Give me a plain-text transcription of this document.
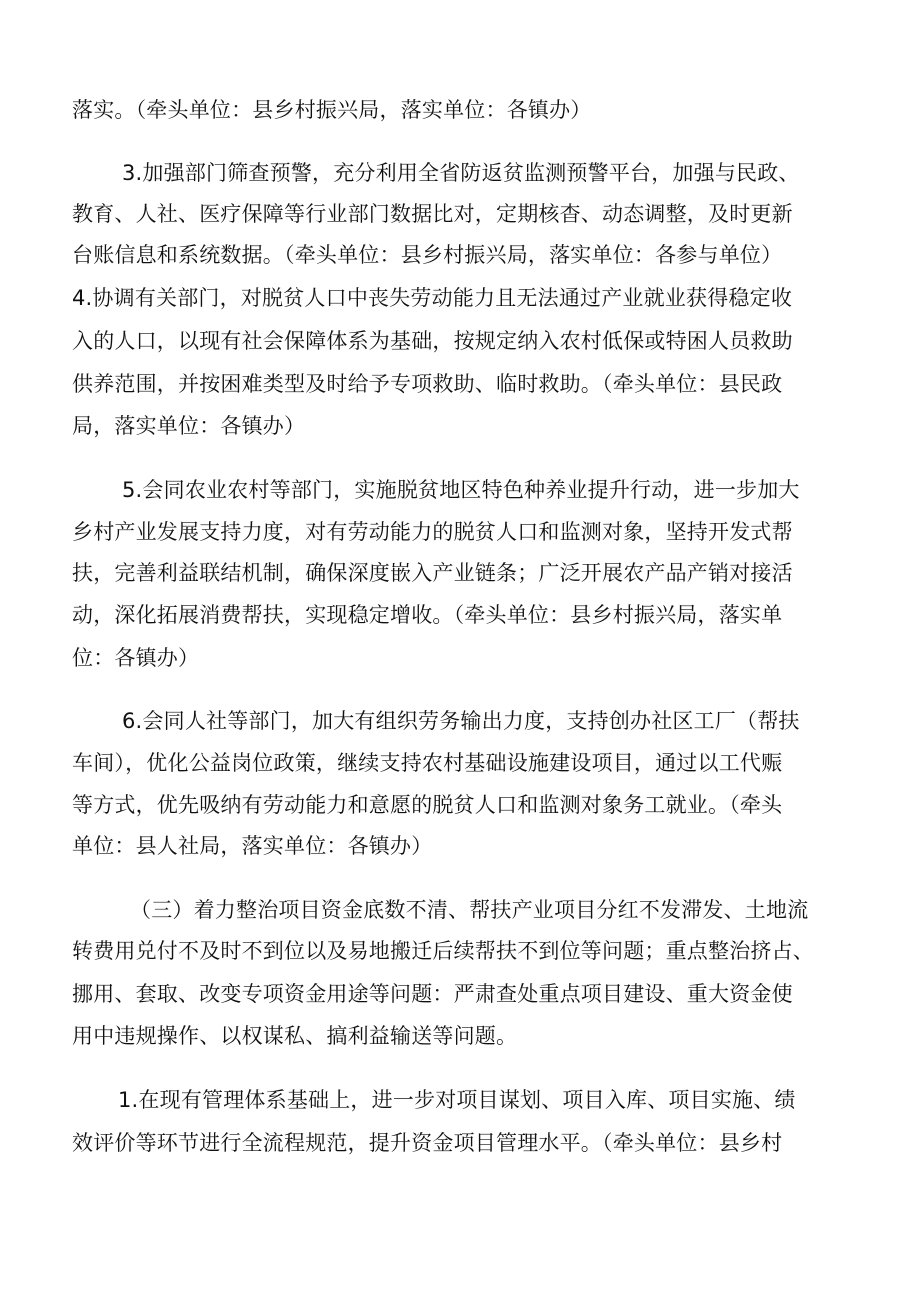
落实。（牵头单位：县乡村振兴局，落实单位：各镇办）
3.加强部门筛查预警，充分利用全省防返贫监测预警平台，加强与民政、
教育、人社、医疗保障等行业部门数据比对，定期核杳、动态调整，及时更新
台账信息和系统数据。（牵头单位：县乡村振兴局，落实单位：各参与单位）
4.协调有关部门，对脱贫人口中丧失劳动能力且无法通过产业就业获得稳定收
入的人口，以现有社会保障体系为基础，按规定纳入农村低保或特困人员救助
供养范围，并按困难类型及时给予专项救助、临时救助。（牵头单位：县民政
局，落实单位：各镇办）
5.会同农业农村等部门，实施脱贫地区特色种养业提升行动，进一步加大
乡村产业发展支持力度，对有劳动能力的脱贫人口和监测对象，坚持开发式帮
扶，完善利益联结机制，确保深度嵌入产业链条；广泛开展农产品产销对接活
动，深化拓展消费帮扶，实现稳定增收。（牵头单位：县乡村振兴局，落实单
位：各镇办）
6.会同人社等部门，加大有组织劳务输出力度，支持创办社区工厂（帮扶
车间），优化公益岗位政策，继续支持农村基础设施建设项目，通过以工代赈
等方式，优先吸纳有劳动能力和意愿的脱贫人口和监测对象务工就业。（牵头
单位：县人社局，落实单位：各镇办）
（三）着力整治项目资金底数不清、帮扶产业项目分红不发滞发、土地流
转费用兑付不及时不到位以及易地搬迁后续帮扶不到位等问题；重点整治挤占、
挪用、套取、改变专项资金用途等问题：严肃查处重点项目建设、重大资金使
用中违规操作、以权谋私、搞利益输送等问题。
1.在现有管理体系基础上，进一步对项目谋划、项目入库、项目实施、绩
效评价等环节进行全流程规范，提升资金项目管理水平。（牵头单位：县乡村
